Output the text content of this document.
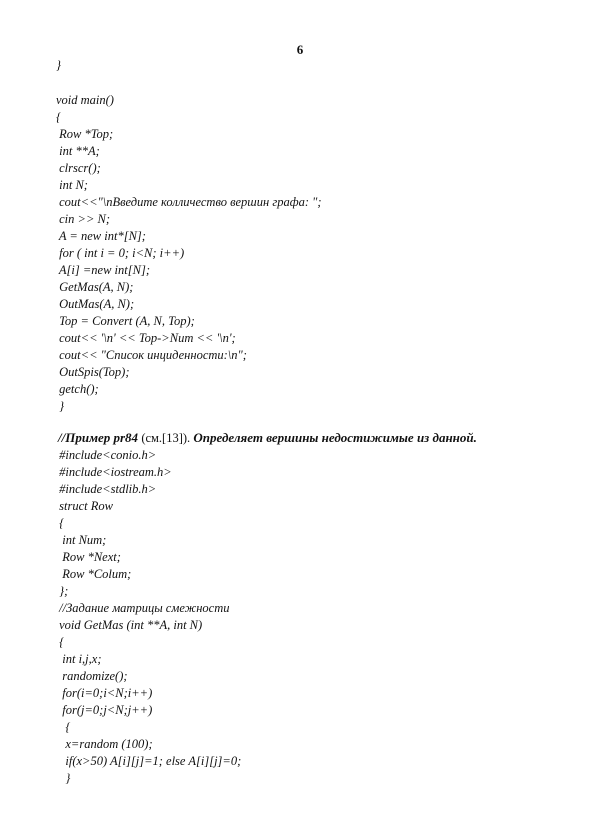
6
}
void main()
{
Row *Top;
int **A;
clrscr();
int N;
cout<<"\nВведите колличество вершин графа: ";
cin >> N;
A = new int*[N];
for ( int i = 0; i<N; i++)
A[i] =new int[N];
GetMas(A, N);
OutMas(A, N);
Top = Convert (A, N, Top);
cout<< '\n' << Top->Num << '\n';
cout<< "Список инциденности:\n";
OutSpis(Top);
getch();
}
//Пример pr84 (см.[13]). Определяет вершины недостижимые из данной.
#include<conio.h>
#include<iostream.h>
#include<stdlib.h>
struct Row
{
int Num;
Row *Next;
Row *Colum;
};
//Задание матрицы смежности
void GetMas (int **A, int N)
{
int i,j,x;
randomize();
for(i=0;i<N;i++)
for(j=0;j<N;j++)
{
x=random (100);
if(x>50) A[i][j]=1; else A[i][j]=0;
}
